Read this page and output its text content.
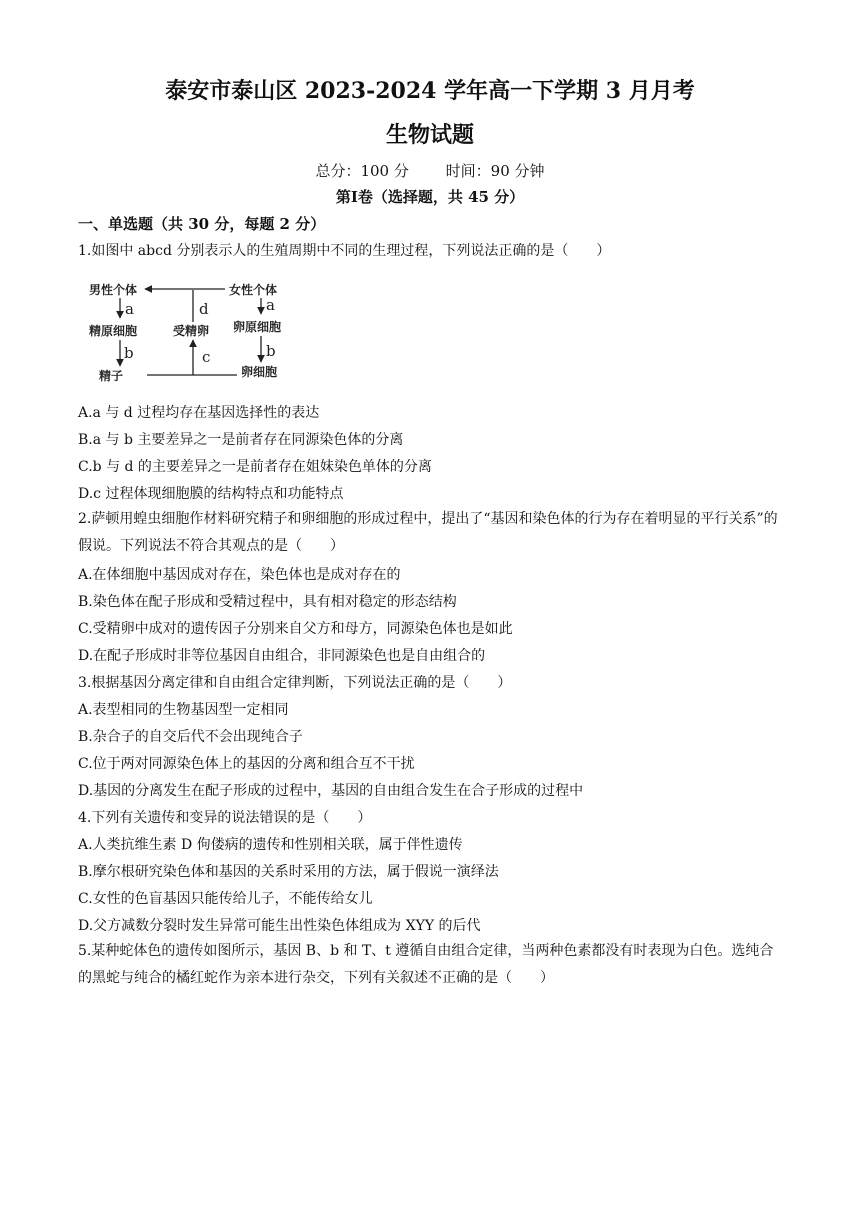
泰安市泰山区 2023-2024 学年高一下学期 3 月月考
生物试题
总分：100 分 时间：90 分钟
第Ⅰ卷（选择题，共 45 分）
一、单选题（共 30 分，每题 2 分）
1.如图中 abcd 分别表示人的生殖周期中不同的生理过程，下列说法正确的是（　　）
男性个体	女性个体
精原细胞	受精卵 卵原细胞
精子	卵细胞
a	a
b	b
c
d
A.a 与 d 过程均存在基因选择性的表达
B.a 与 b 主要差异之一是前者存在同源染色体的分离
C.b 与 d 的主要差异之一是前者存在姐妹染色单体的分离
D.c 过程体现细胞膜的结构特点和功能特点
2.萨顿用蝗虫细胞作材料研究精子和卵细胞的形成过程中，提出了“基因和染色体的行为存在着明显的平行关系”的假说。下列说法不符合其观点的是（　　）
A.在体细胞中基因成对存在，染色体也是成对存在的
B.染色体在配子形成和受精过程中，具有相对稳定的形态结构
C.受精卵中成对的遗传因子分别来自父方和母方，同源染色体也是如此
D.在配子形成时非等位基因自由组合，非同源染色也是自由组合的
3.根据基因分离定律和自由组合定律判断，下列说法正确的是（　　）
A.表型相同的生物基因型一定相同
B.杂合子的自交后代不会出现纯合子
C.位于两对同源染色体上的基因的分离和组合互不干扰
D.基因的分离发生在配子形成的过程中，基因的自由组合发生在合子形成的过程中
4.下列有关遗传和变异的说法错误的是（　　）
A.人类抗维生素 D 佝偻病的遗传和性别相关联，属于伴性遗传
B.摩尔根研究染色体和基因的关系时采用的方法，属于假说一演绎法
C.女性的色盲基因只能传给儿子，不能传给女儿
D.父方减数分裂时发生异常可能生出性染色体组成为 XYY 的后代
5.某种蛇体色的遗传如图所示，基因 B、b 和 T、t 遵循自由组合定律，当两种色素都没有时表现为白色。选纯合的黑蛇与纯合的橘红蛇作为亲本进行杂交，下列有关叙述不正确的是（　　）
